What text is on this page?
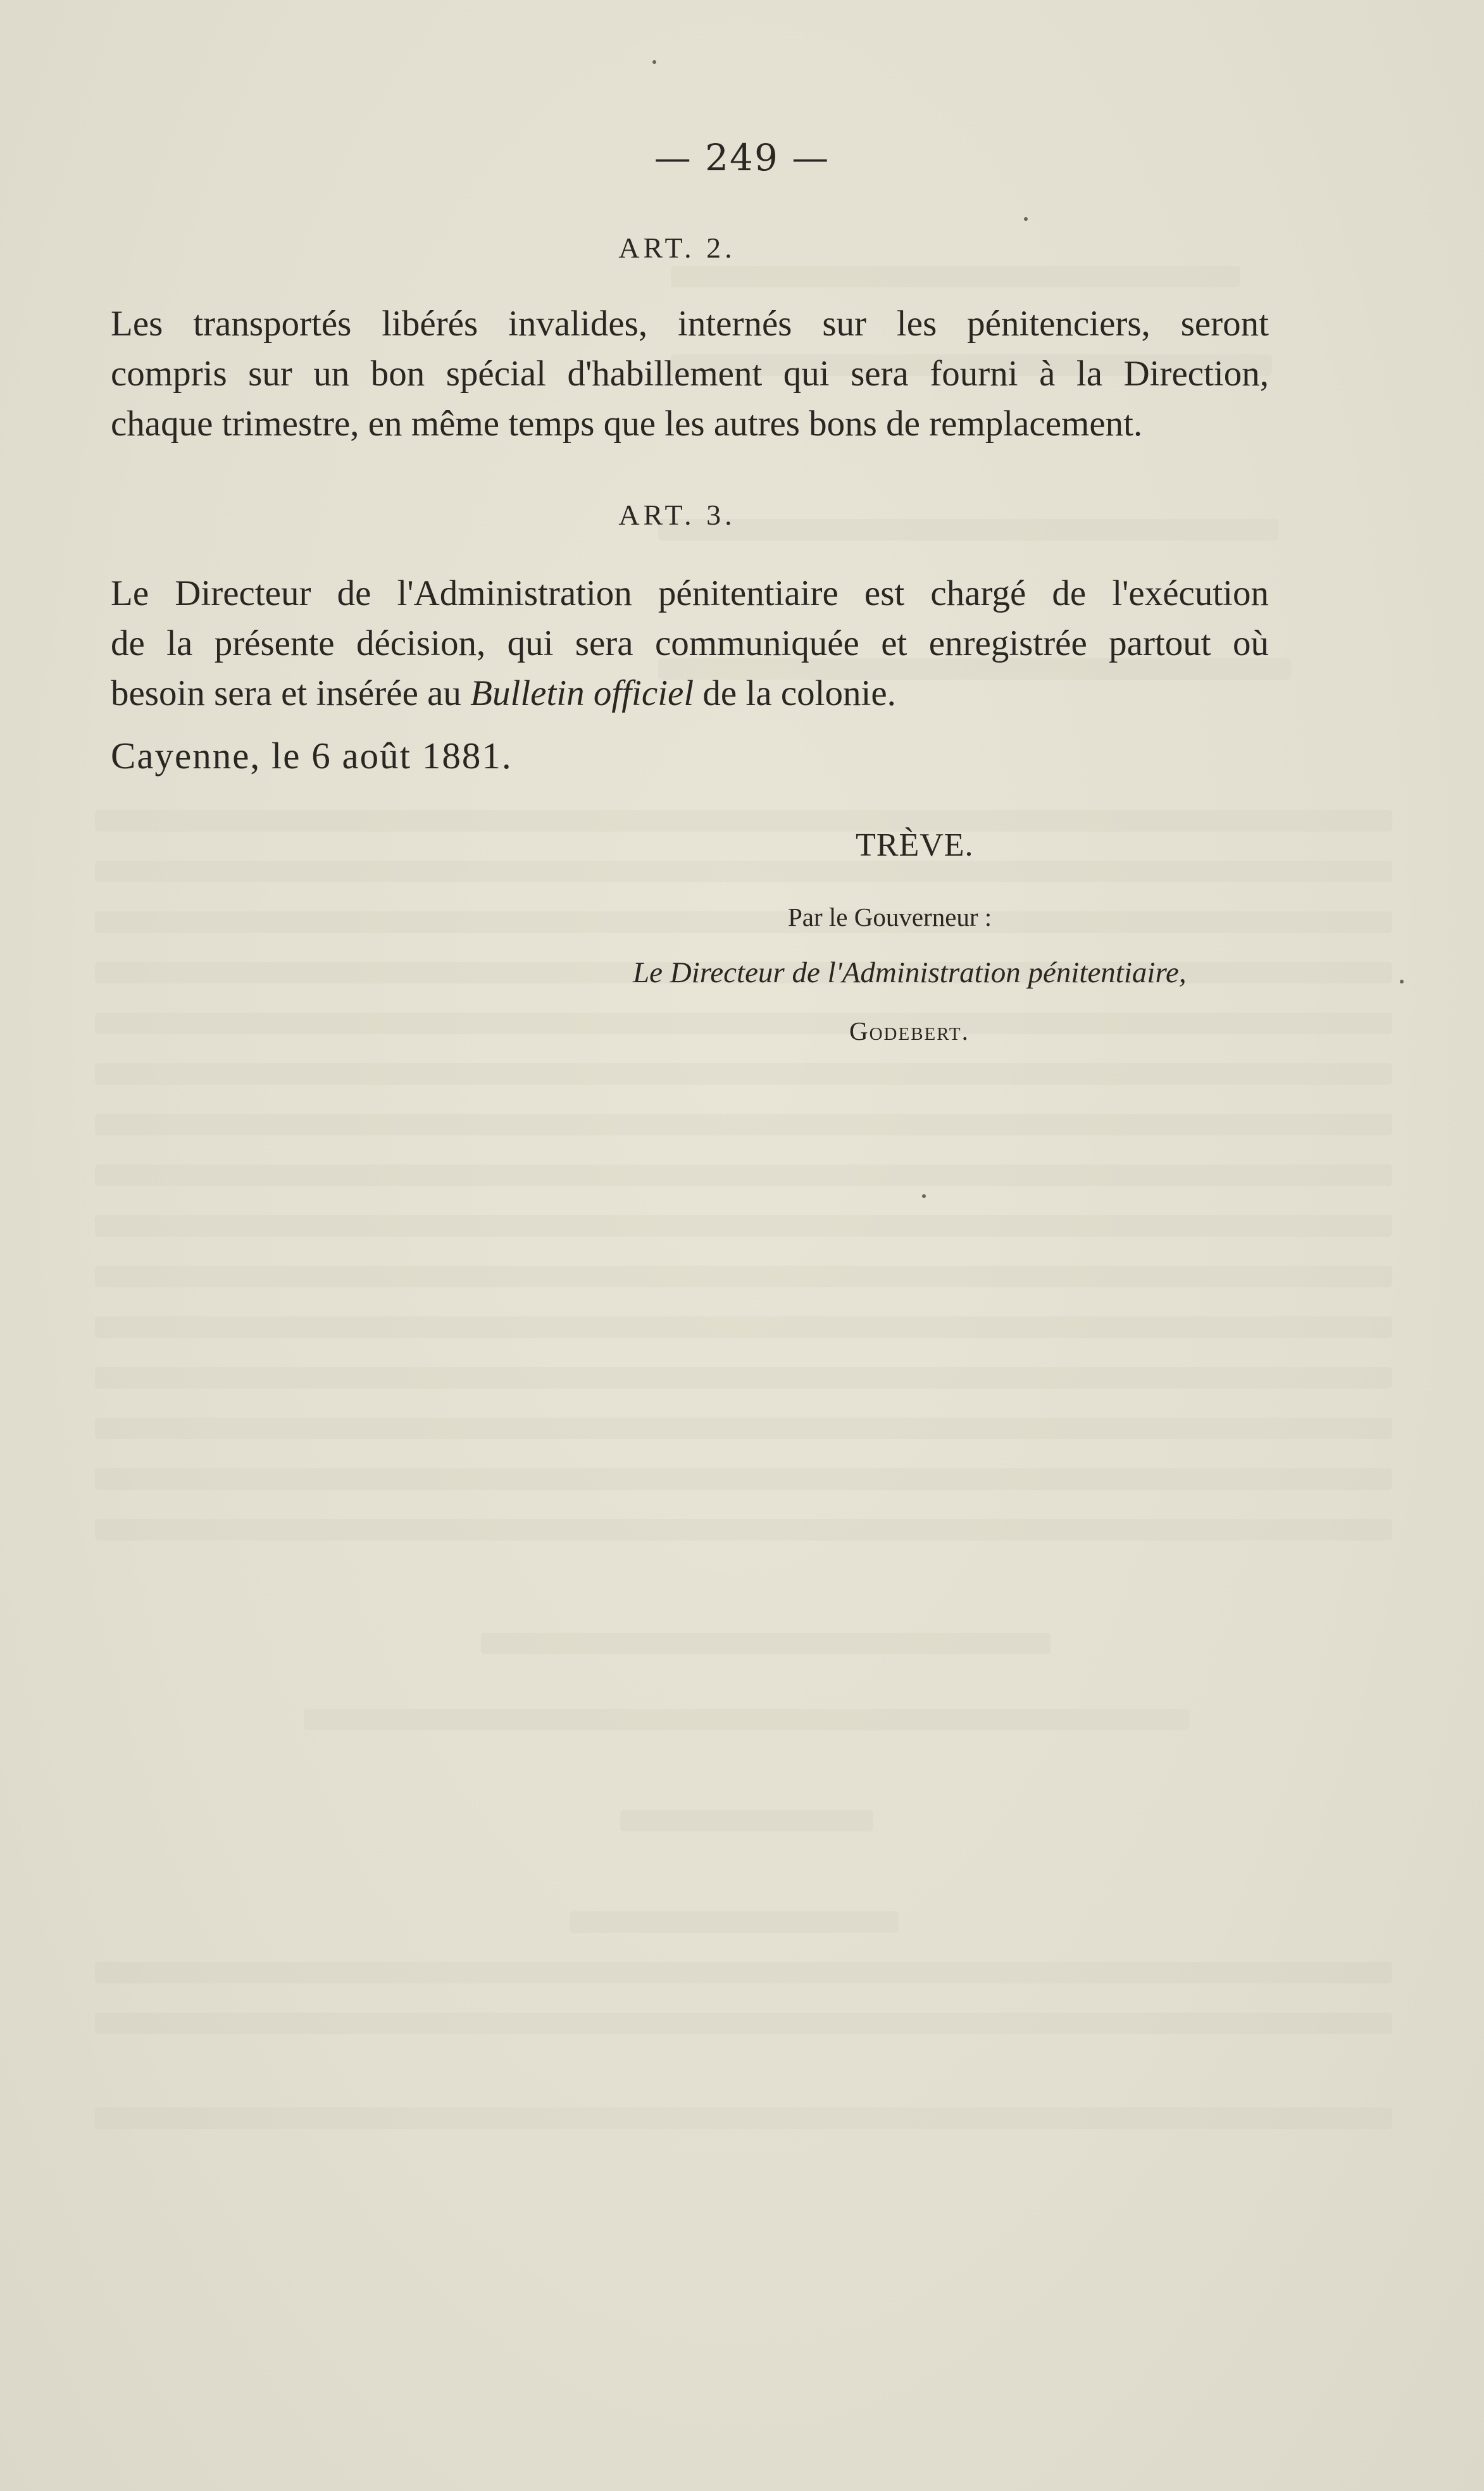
— 249 —
ART. 2.
Les transportés libérés invalides, internés sur les pénitenciers, seront
compris sur un bon spécial d'habillement qui sera fourni à la Direction,
chaque trimestre, en même temps que les autres bons de remplacement.
ART. 3.
Le Directeur de l'Administration pénitentiaire est chargé de l'exécution
de la présente décision, qui sera communiquée et enregistrée partout où
besoin sera et insérée au Bulletin officiel de la colonie.
Cayenne, le 6 août 1881.
TRÈVE.
Par le Gouverneur :
Le Directeur de l'Administration pénitentiaire,
Godebert.
